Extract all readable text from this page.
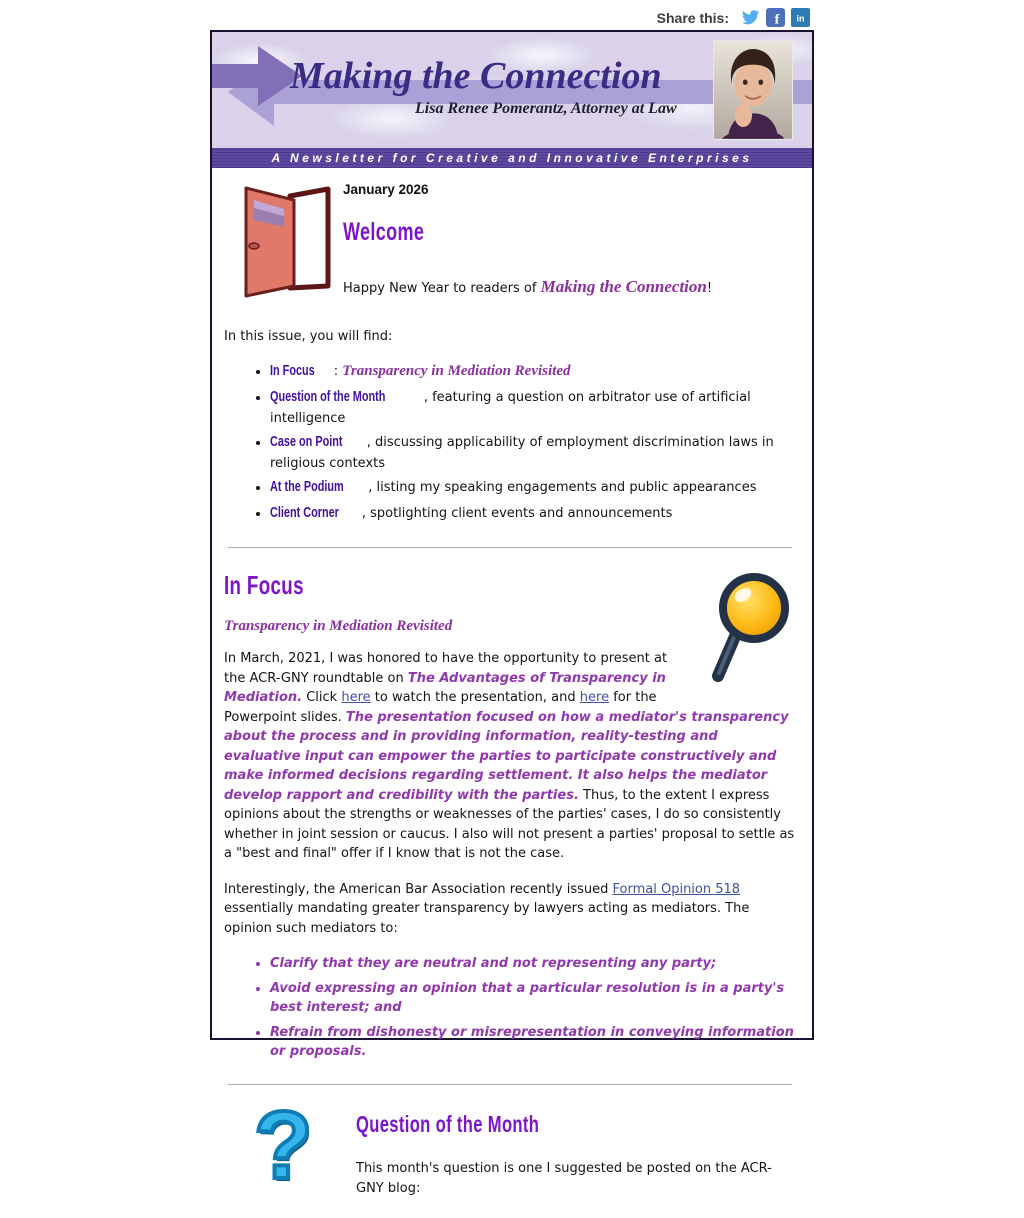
Share this:	f in
Making the Connection
Lisa Renee Pomerantz, Attorney at Law
A Newsletter for Creative and Innovative Enterprises
January 2026
Welcome
Happy New Year to readers of Making the Connection!
In this issue, you will find:
• In Focus : Transparency in Mediation Revisited
• Question of the Month	, featuring a question on arbitrator use of artificial intelligence
• Case on Point , discussing applicability of employment discrimination laws in religious contexts
• At the Podium , listing my speaking engagements and public appearances
• Client Corner , spotlighting client events and announcements
In Focus
Transparency in Mediation Revisited

In March, 2021, I was honored to have the opportunity to present at the ACR-GNY roundtable on The Advantages of Transparency in Mediation. Click here to watch the presentation, and here for the Powerpoint slides. The presentation focused on how a mediator's transparency about the process and in providing information, reality-testing and evaluative input can empower the parties to participate constructively and make informed decisions regarding settlement. It also helps the mediator develop rapport and credibility with the parties. Thus, to the extent I express opinions about the strengths or weaknesses of the parties' cases, I do so consistently whether in joint session or caucus. I also will not present a parties' proposal to settle as a "best and final" offer if I know that is not the case.

Interestingly, the American Bar Association recently issued Formal Opinion 518 essentially mandating greater transparency by lawyers acting as mediators. The opinion such mediators to:

• Clarify that they are neutral and not representing any party;
• Avoid expressing an opinion that a particular resolution is in a party's best interest; and
• Refrain from dishonesty or misrepresentation in conveying information or proposals.
?	Question of the Month
This month's question is one I suggested be posted on the ACR-GNY blog:
